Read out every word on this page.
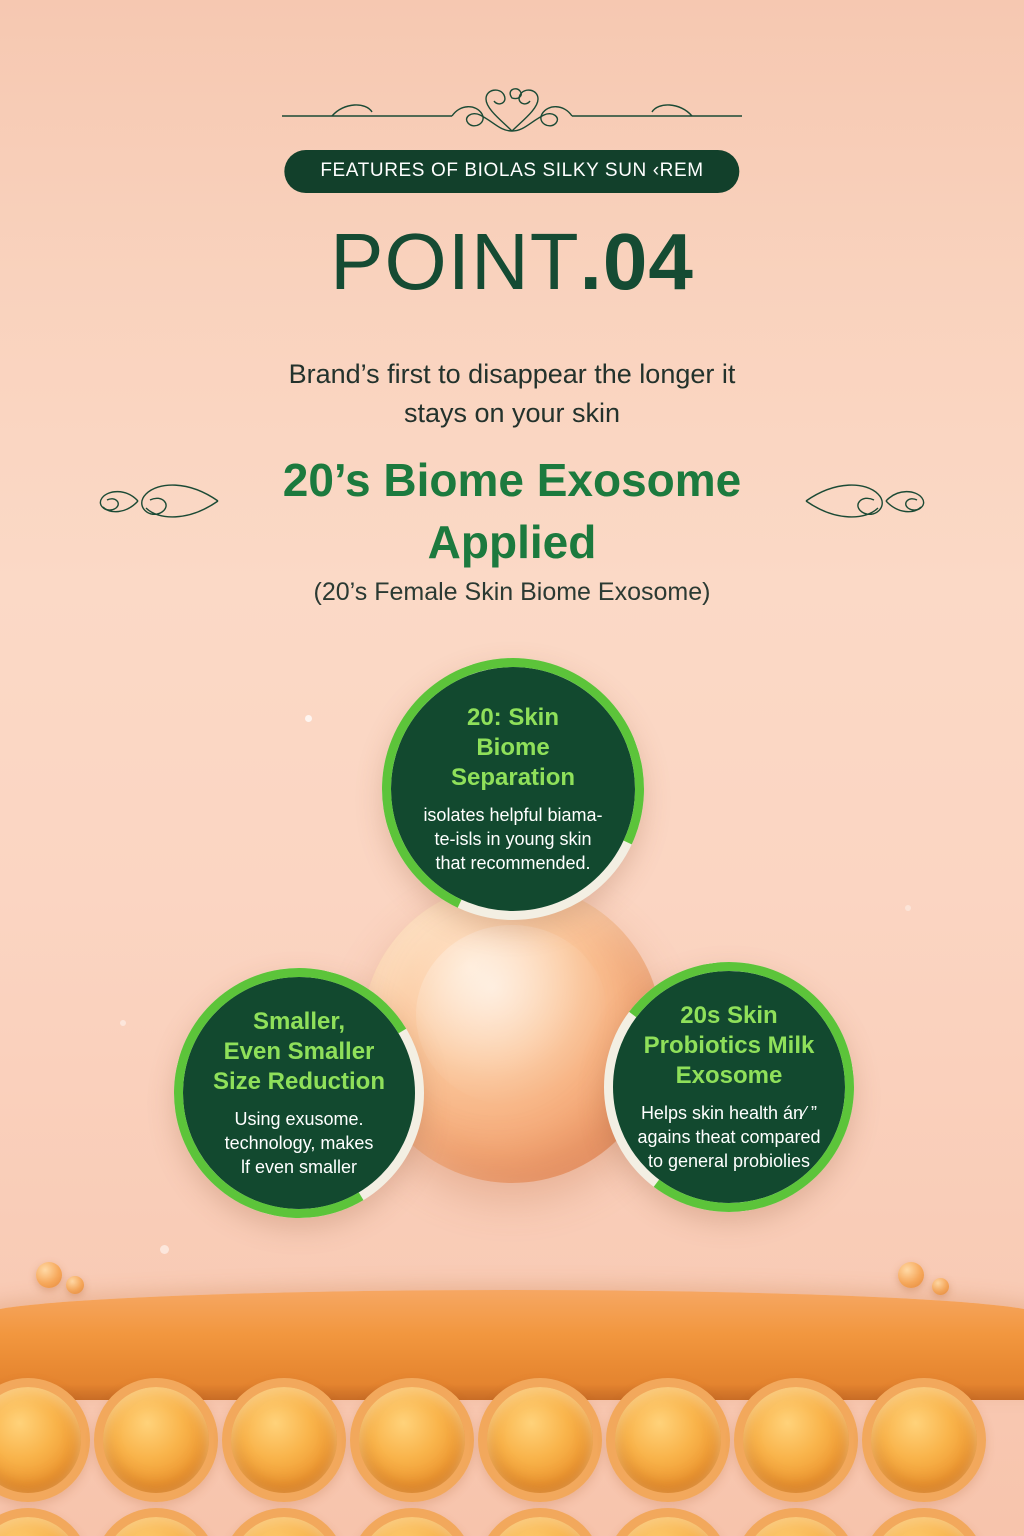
FEATURES OF BIOLAS SILKY SUN ‹REM
POINT.04
Brand’s first to disappear the longer it
stays on your skin
20’s Biome Exosome
Applied
(20’s Female Skin Biome Exosome)
20: Skin
Biome Separation
isolates helpful biama-
te-isls in young skin
that recommended.
Smaller,
Even Smaller
Size Reduction
Using exusome.
technology, makes
lf even smaller
20s Skin
Probiotics Milk
Exosome
Helps skin health án⁄ ”
agains theat compared
to general probiolies
